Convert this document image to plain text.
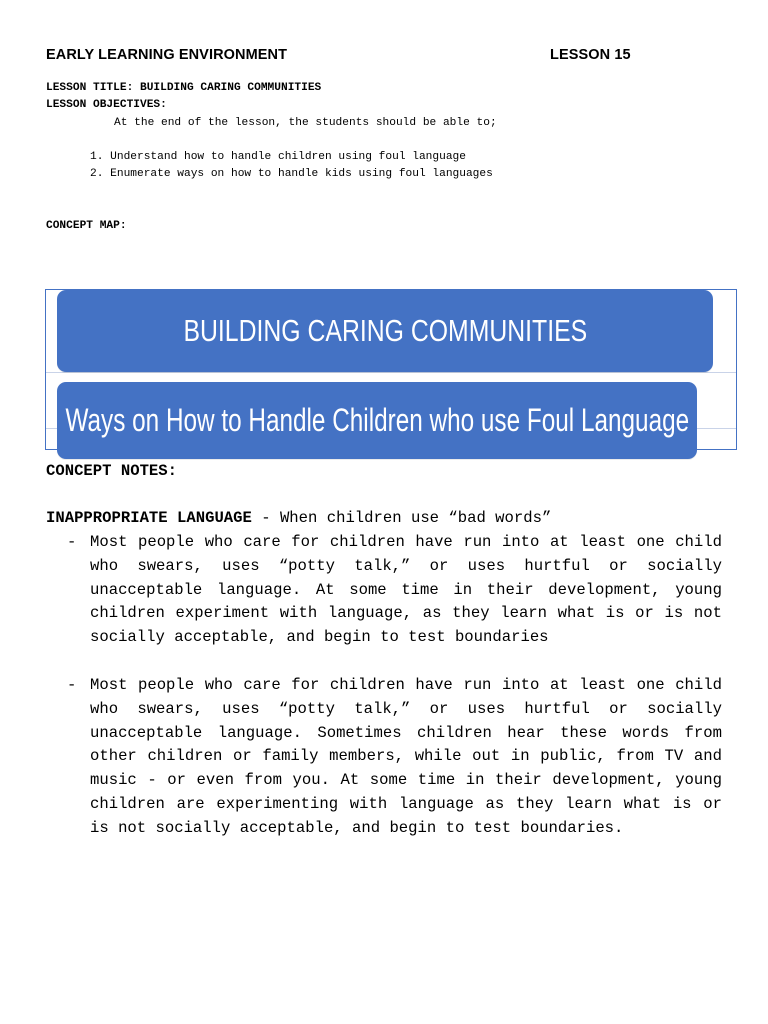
EARLY LEARNING ENVIRONMENT	LESSON 15
LESSON TITLE: BUILDING CARING COMMUNITIES
LESSON OBJECTIVES:
At the end of the lesson, the students should be able to;
1. Understand how to handle children using foul language
2. Enumerate ways on how to handle kids using foul languages
CONCEPT MAP:
BUILDING CARING COMMUNITIES
Ways on How to Handle Children who use Foul Language
CONCEPT NOTES:
INAPPROPRIATE LANGUAGE - When children use “bad words”
- Most people who care for children have run into at least one child who swears, uses “potty talk,” or uses hurtful or socially unacceptable language. At some time in their development, young children experiment with language, as they learn what is or is not socially acceptable, and begin to test boundaries
- Most people who care for children have run into at least one child who swears, uses “potty talk,” or uses hurtful or socially unacceptable language. Sometimes children hear these words from other children or family members, while out in public, from TV and music - or even from you. At some time in their development, young children are experimenting with language as they learn what is or is not socially acceptable, and begin to test boundaries.
